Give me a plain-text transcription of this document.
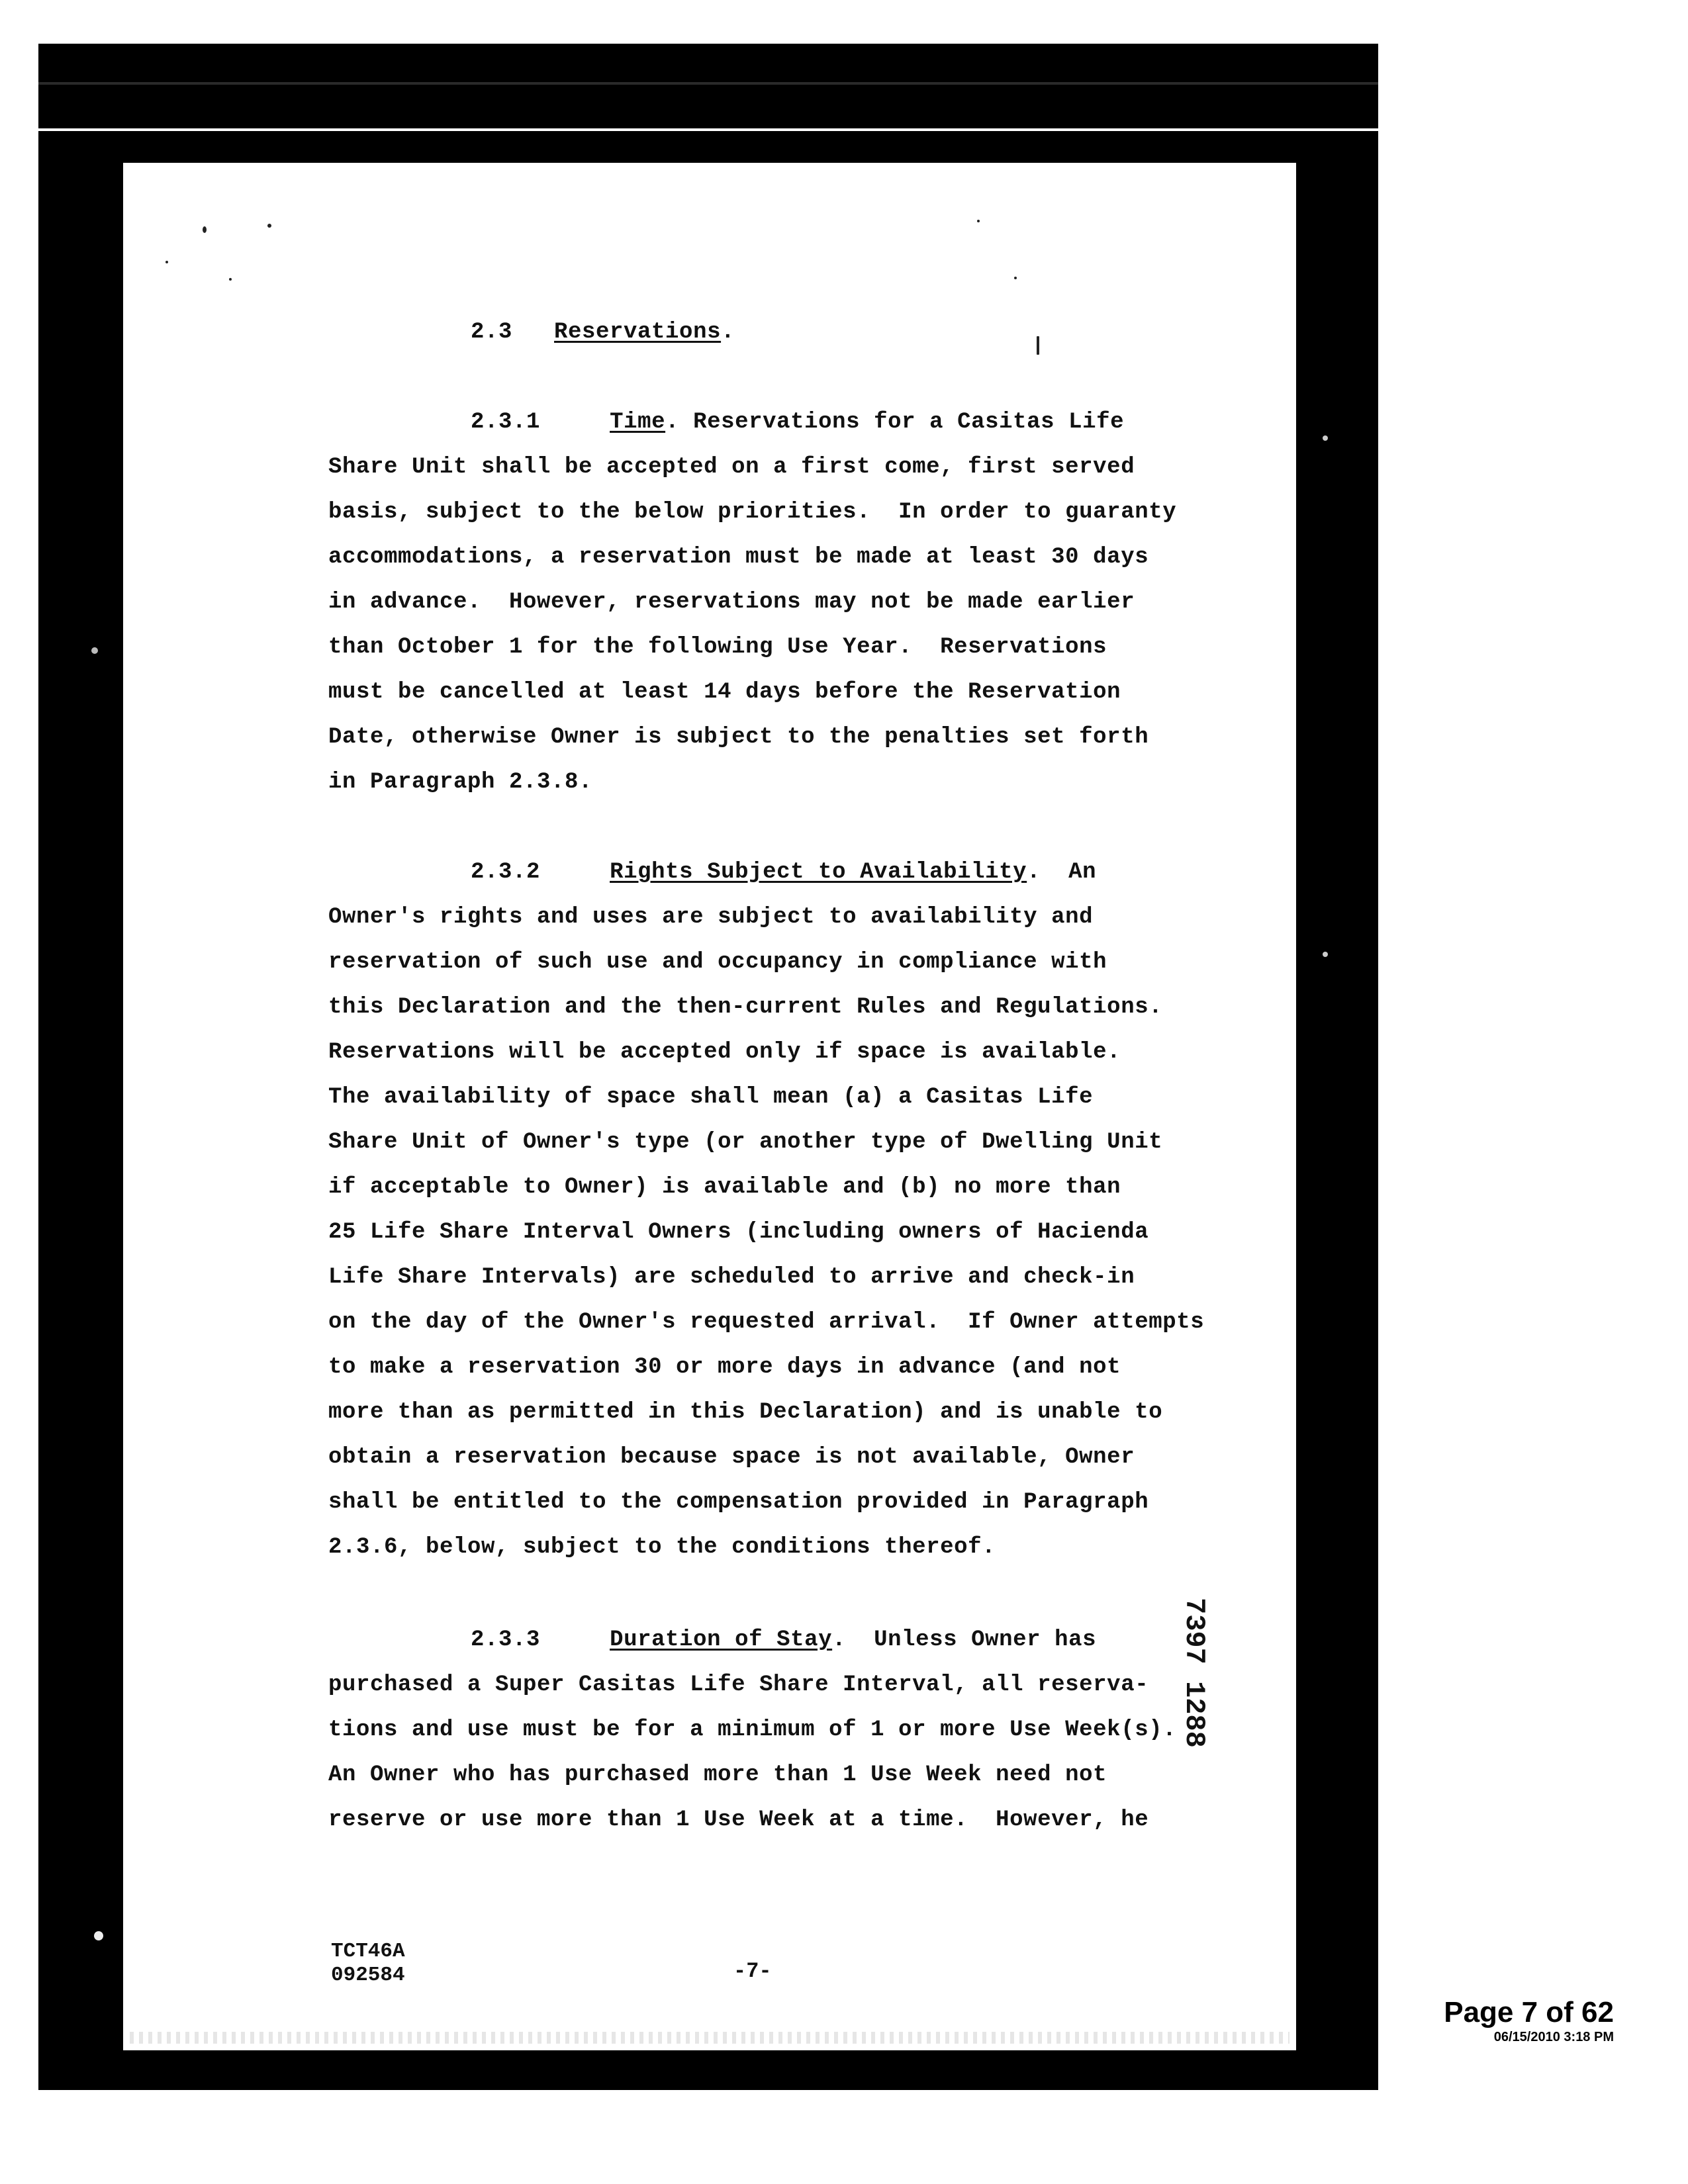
2.3 Reservations.
2.3.1	Time. Reservations for a Casitas Life
Share Unit shall be accepted on a first come, first served
basis, subject to the below priorities.  In order to guaranty
accommodations, a reservation must be made at least 30 days
in advance.  However, reservations may not be made earlier
than October 1 for the following Use Year.  Reservations
must be cancelled at least 14 days before the Reservation
Date, otherwise Owner is subject to the penalties set forth
in Paragraph 2.3.8.
2.3.2	Rights Subject to Availability.  An
Owner's rights and uses are subject to availability and
reservation of such use and occupancy in compliance with
this Declaration and the then-current Rules and Regulations.
Reservations will be accepted only if space is available.
The availability of space shall mean (a) a Casitas Life
Share Unit of Owner's type (or another type of Dwelling Unit
if acceptable to Owner) is available and (b) no more than
25 Life Share Interval Owners (including owners of Hacienda
Life Share Intervals) are scheduled to arrive and check-in
on the day of the Owner's requested arrival.  If Owner attempts
to make a reservation 30 or more days in advance (and not
more than as permitted in this Declaration) and is unable to
obtain a reservation because space is not available, Owner
shall be entitled to the compensation provided in Paragraph
2.3.6, below, subject to the conditions thereof.
2.3.3	Duration of Stay.  Unless Owner has
purchased a Super Casitas Life Share Interval, all reserva-
tions and use must be for a minimum of 1 or more Use Week(s).
An Owner who has purchased more than 1 Use Week need not
reserve or use more than 1 Use Week at a time.  However, he
7397 1288
TCT46A
092584	-7-
Page 7 of 62
06/15/2010 3:18 PM
